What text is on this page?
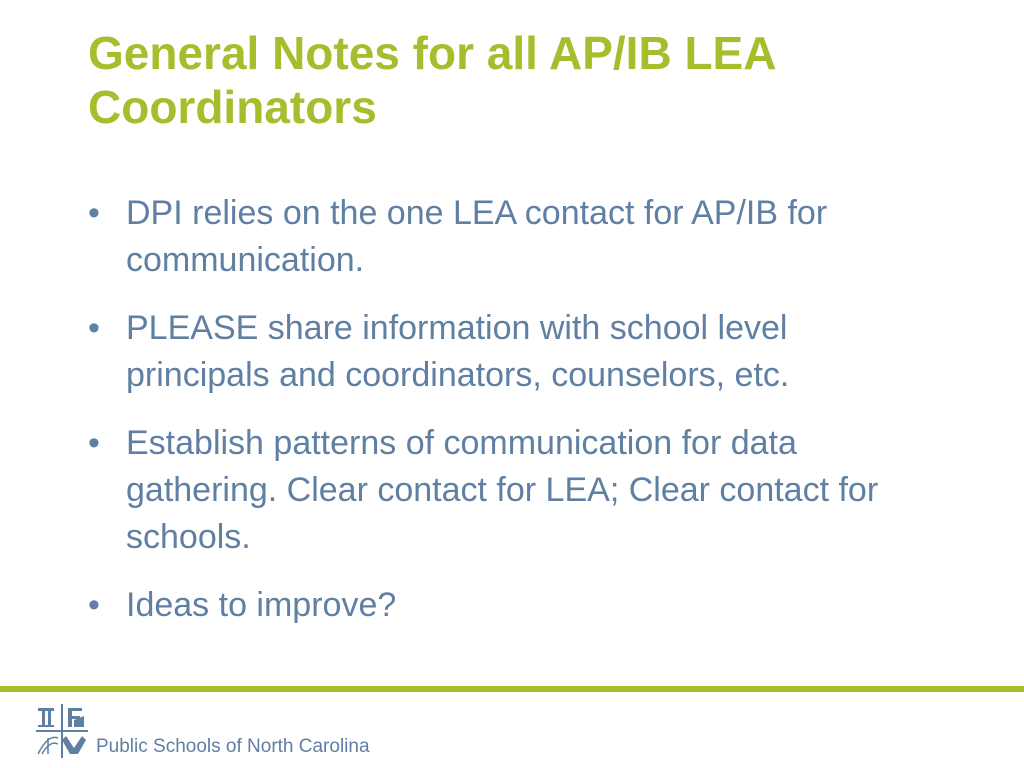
General Notes for all AP/IB LEA Coordinators
• DPI relies on the one LEA contact for AP/IB for communication.
• PLEASE share information with school level principals and coordinators, counselors, etc.
• Establish patterns of communication for data gathering. Clear contact for LEA; Clear contact for schools.
• Ideas to improve?
Public Schools of North Carolina
